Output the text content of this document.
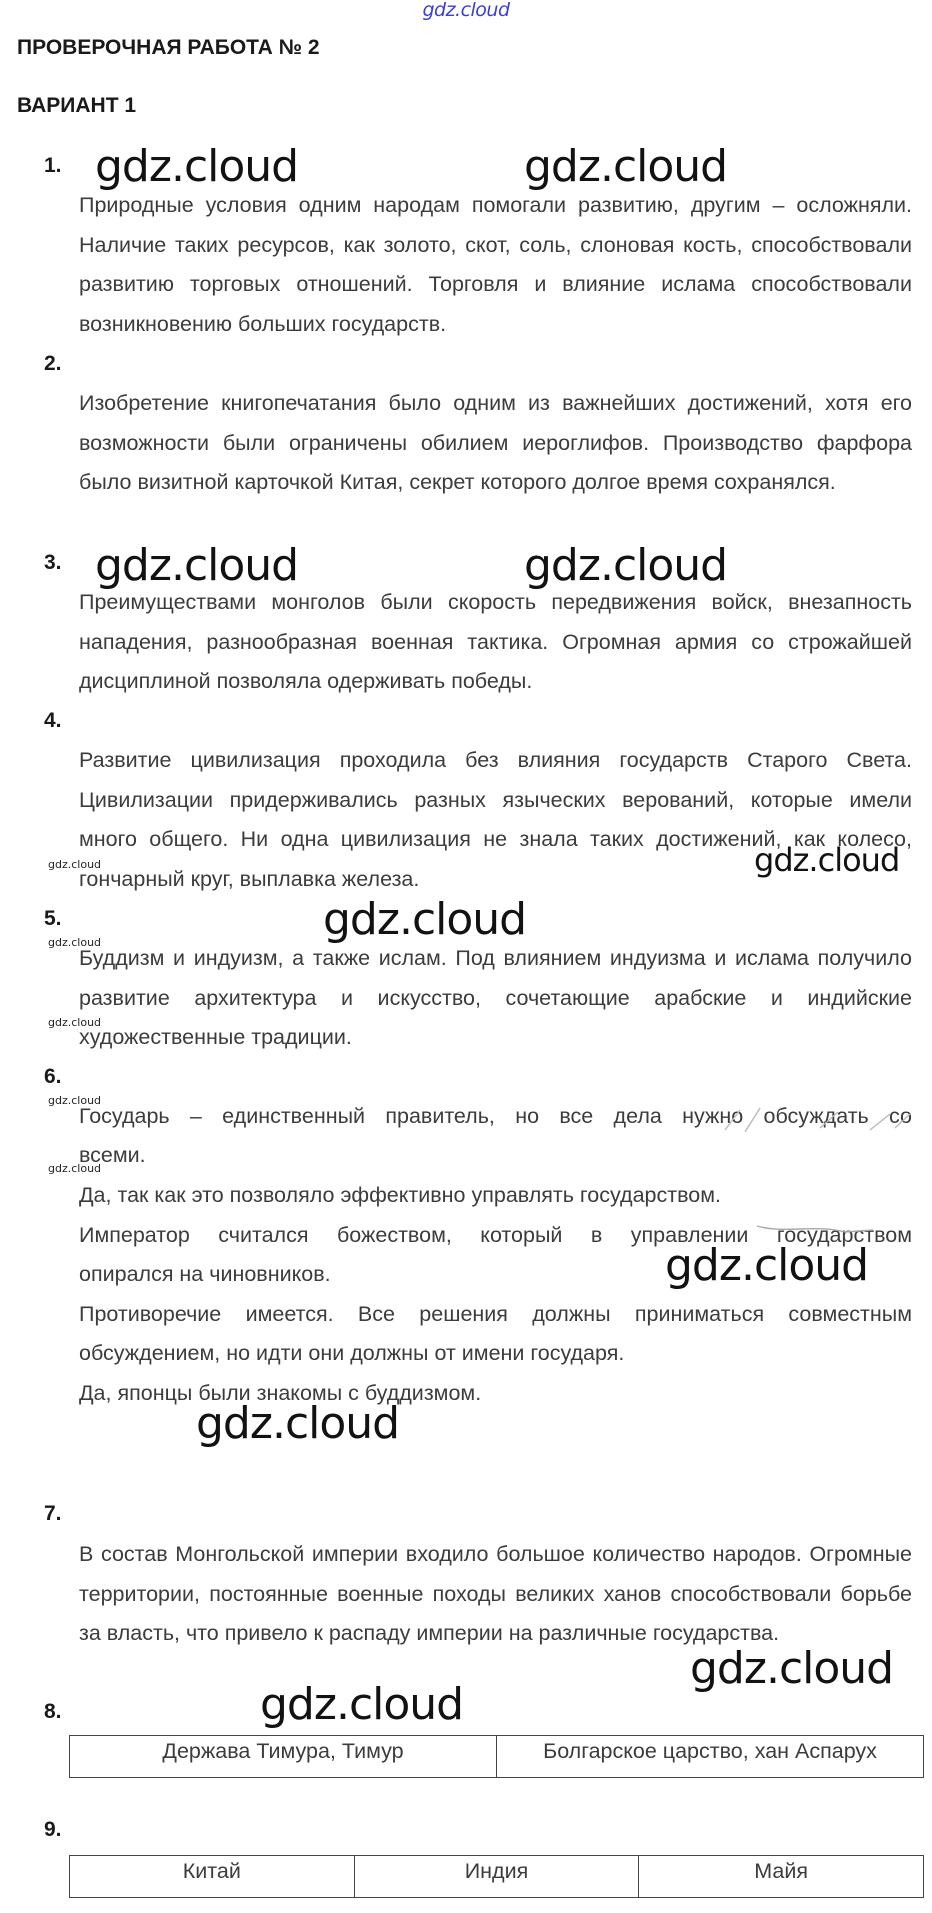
gdz.cloud
ПРОВЕРОЧНАЯ РАБОТА № 2
ВАРИАНТ 1
1.
2.
3.
4.
5.
6.
7.
8.
9.

Природные условия одним народам помогали развитию, другим – осложняли. Наличие таких ресурсов, как золото, скот, соль, слоновая кость, способствовали развитию торговых отношений. Торговля и влияние ислама способствовали возникновению больших государств.

Изобретение книгопечатания было одним из важнейших достижений, хотя его возможности были ограничены обилием иероглифов. Производство фарфора было визитной карточкой Китая, секрет которого долгое время сохранялся.

Преимуществами монголов были скорость передвижения войск, внезапность нападения, разнообразная военная тактика. Огромная армия со строжайшей дисциплиной позволяла одерживать победы.

Развитие цивилизация проходила без влияния государств Старого Света. Цивилизации придерживались разных языческих верований, которые имели много общего. Ни одна цивилизация не знала таких достижений, как колесо, гончарный круг, выплавка железа.

Буддизм и индуизм, а также ислам. Под влиянием индуизма и ислама получило развитие архитектура и искусство, сочетающие арабские и индийские художественные традиции.

Государь – единственный правитель, но все дела нужно обсуждать со
всеми.
Да, так как это позволяло эффективно управлять государством.
Император считался божеством, который в управлении государством
опирался на чиновников.
Противоречие имеется. Все решения должны приниматься совместным
обсуждением, но идти они должны от имени государя.
Да, японцы были знакомы с буддизмом.

В состав Монгольской империи входило большое количество народов. Огромные территории, постоянные военные походы великих ханов способствовали борьбе за власть, что привело к распаду империи на различные государства.

Держава Тимура, Тимур	Болгарское царство, хан Аспарух
Китай	Индия	Майя
gdz.cloud	gdz.cloud
gdz.cloud	gdz.cloud
gdz.cloud
gdz.cloud
gdz.cloud
gdz.cloud
gdz.cloud
gdz.cloud
gdz.cloud
gdz.cloud
gdz.cloud
gdz.cloud
gdz.cloud
